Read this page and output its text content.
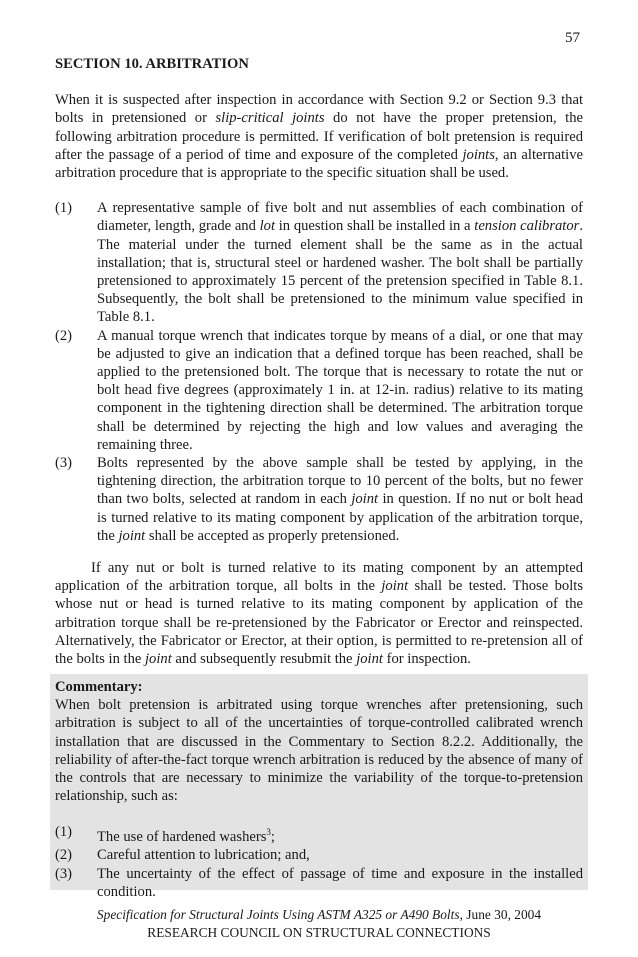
57
SECTION 10. ARBITRATION

When it is suspected after inspection in accordance with Section 9.2 or Section 9.3 that bolts in pretensioned or slip-critical joints do not have the proper pretension, the following arbitration procedure is permitted. If verification of bolt pretension is required after the passage of a period of time and exposure of the completed joints, an alternative arbitration procedure that is appropriate to the specific situation shall be used.

(1)	A representative sample of five bolt and nut assemblies of each combination of diameter, length, grade and lot in question shall be installed in a tension calibrator. The material under the turned element shall be the same as in the actual installation; that is, structural steel or hardened washer. The bolt shall be partially pretensioned to approximately 15 percent of the pretension specified in Table 8.1. Subsequently, the bolt shall be pretensioned to the minimum value specified in Table 8.1.
(2)	A manual torque wrench that indicates torque by means of a dial, or one that may be adjusted to give an indication that a defined torque has been reached, shall be applied to the pretensioned bolt. The torque that is necessary to rotate the nut or bolt head five degrees (approximately 1 in. at 12-in. radius) relative to its mating component in the tightening direction shall be determined. The arbitration torque shall be determined by rejecting the high and low values and averaging the remaining three.
(3)	Bolts represented by the above sample shall be tested by applying, in the tightening direction, the arbitration torque to 10 percent of the bolts, but no fewer than two bolts, selected at random in each joint in question. If no nut or bolt head is turned relative to its mating component by application of the arbitration torque, the joint shall be accepted as properly pretensioned.

If any nut or bolt is turned relative to its mating component by an attempted application of the arbitration torque, all bolts in the joint shall be tested. Those bolts whose nut or head is turned relative to its mating component by application of the arbitration torque shall be re-pretensioned by the Fabricator or Erector and reinspected. Alternatively, the Fabricator or Erector, at their option, is permitted to re-pretension all of the bolts in the joint and subsequently resubmit the joint for inspection.

Commentary:

When bolt pretension is arbitrated using torque wrenches after pretensioning, such arbitration is subject to all of the uncertainties of torque-controlled calibrated wrench installation that are discussed in the Commentary to Section 8.2.2. Additionally, the reliability of after-the-fact torque wrench arbitration is reduced by the absence of many of the controls that are necessary to minimize the variability of the torque-to-pretension relationship, such as:

(1)	The use of hardened washers$^3$;
(2)	Careful attention to lubrication; and,
(3)	The uncertainty of the effect of passage of time and exposure in the installed condition.
Specification for Structural Joints Using ASTM A325 or A490 Bolts, June 30, 2004
RESEARCH COUNCIL ON STRUCTURAL CONNECTIONS
